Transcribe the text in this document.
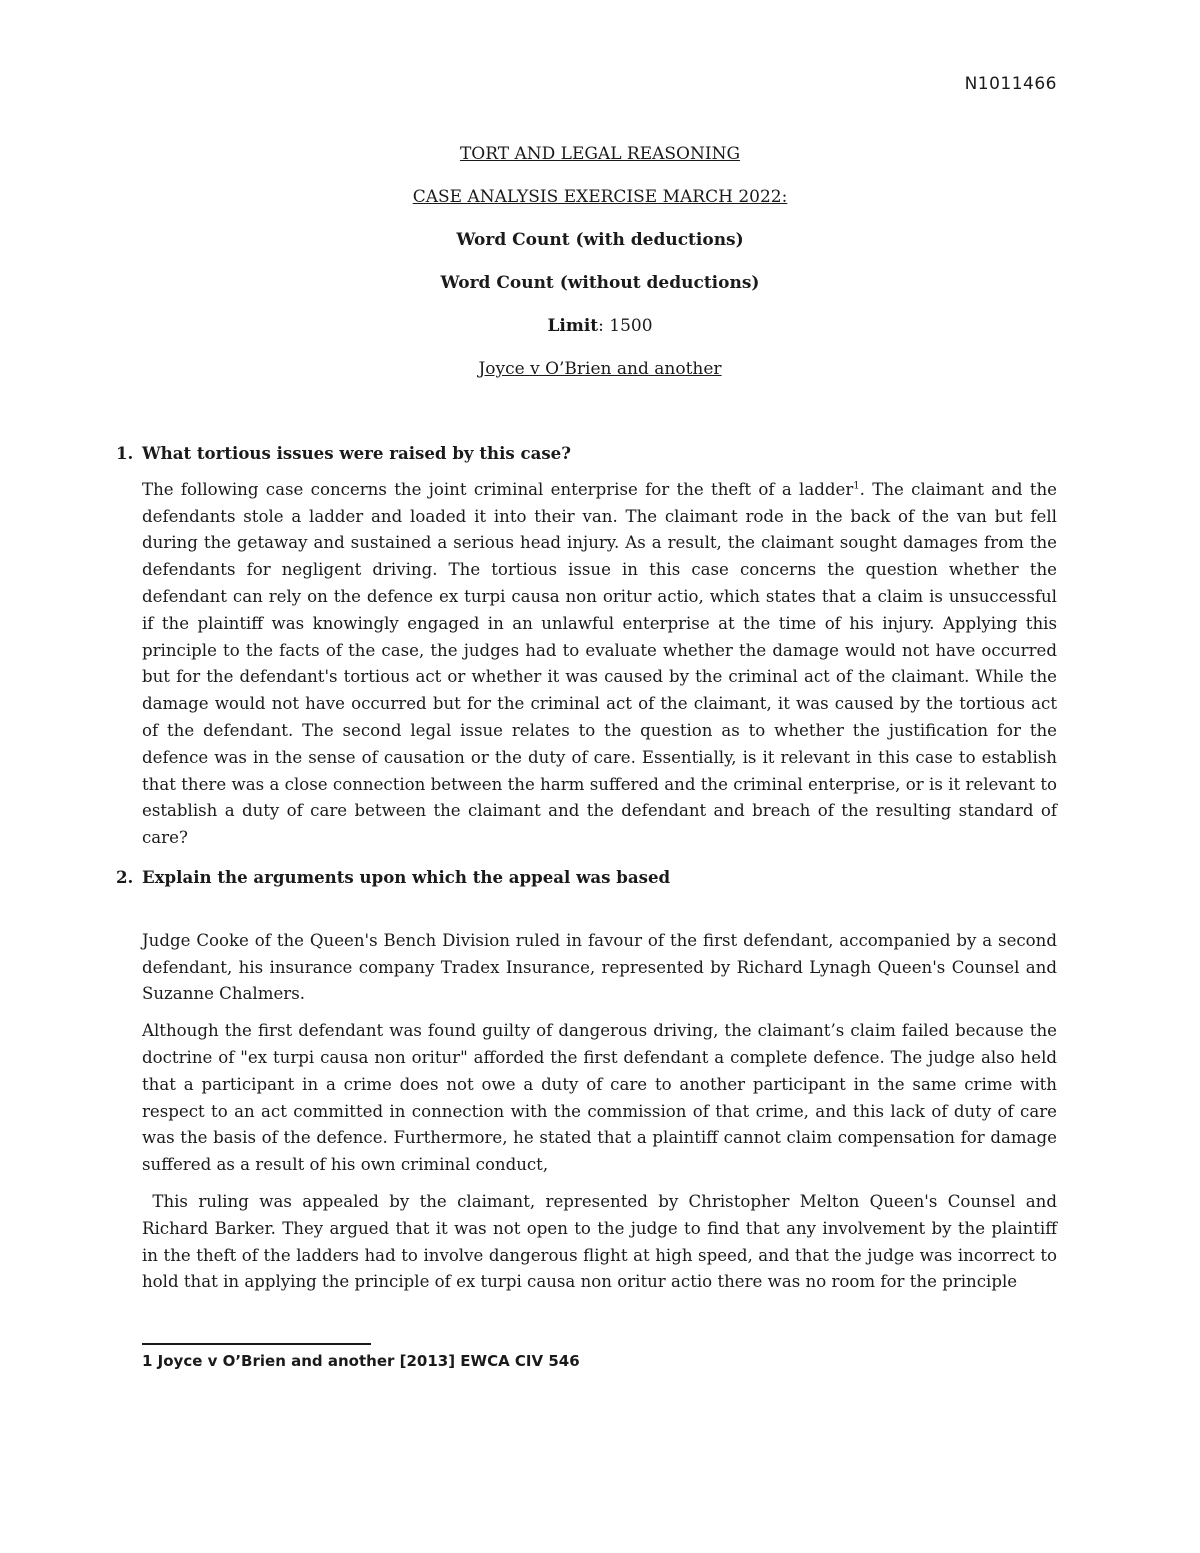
N1011466
TORT AND LEGAL REASONING
CASE ANALYSIS EXERCISE MARCH 2022:
Word Count (with deductions)
Word Count (without deductions)
Limit: 1500
Joyce v O’Brien and another

1. What tortious issues were raised by this case?

The following case concerns the joint criminal enterprise for the theft of a ladder$^1$. The claimant and the defendants stole a ladder and loaded it into their van. The claimant rode in the back of the van but fell during the getaway and sustained a serious head injury. As a result, the claimant sought damages from the defendants for negligent driving. The tortious issue in this case concerns the question whether the defendant can rely on the defence ex turpi causa non oritur actio, which states that a claim is unsuccessful if the plaintiff was knowingly engaged in an unlawful enterprise at the time of his injury. Applying this principle to the facts of the case, the judges had to evaluate whether the damage would not have occurred but for the defendant's tortious act or whether it was caused by the criminal act of the claimant. While the damage would not have occurred but for the criminal act of the claimant, it was caused by the tortious act of the defendant. The second legal issue relates to the question as to whether the justification for the defence was in the sense of causation or the duty of care. Essentially, is it relevant in this case to establish that there was a close connection between the harm suffered and the criminal enterprise, or is it relevant to establish a duty of care between the claimant and the defendant and breach of the resulting standard of care?

2. Explain the arguments upon which the appeal was based

Judge Cooke of the Queen's Bench Division ruled in favour of the first defendant, accompanied by a second defendant, his insurance company Tradex Insurance, represented by Richard Lynagh Queen's Counsel and Suzanne Chalmers.

Although the first defendant was found guilty of dangerous driving, the claimant’s claim failed because the doctrine of "ex turpi causa non oritur" afforded the first defendant a complete defence. The judge also held that a participant in a crime does not owe a duty of care to another participant in the same crime with respect to an act committed in connection with the commission of that crime, and this lack of duty of care was the basis of the defence. Furthermore, he stated that a plaintiff cannot claim compensation for damage suffered as a result of his own criminal conduct,

This ruling was appealed by the claimant, represented by Christopher Melton Queen's Counsel and Richard Barker. They argued that it was not open to the judge to find that any involvement by the plaintiff in the theft of the ladders had to involve dangerous flight at high speed, and that the judge was incorrect to hold that in applying the principle of ex turpi causa non oritur actio there was no room for the principle

1 Joyce v O’Brien and another [2013] EWCA CIV 546
